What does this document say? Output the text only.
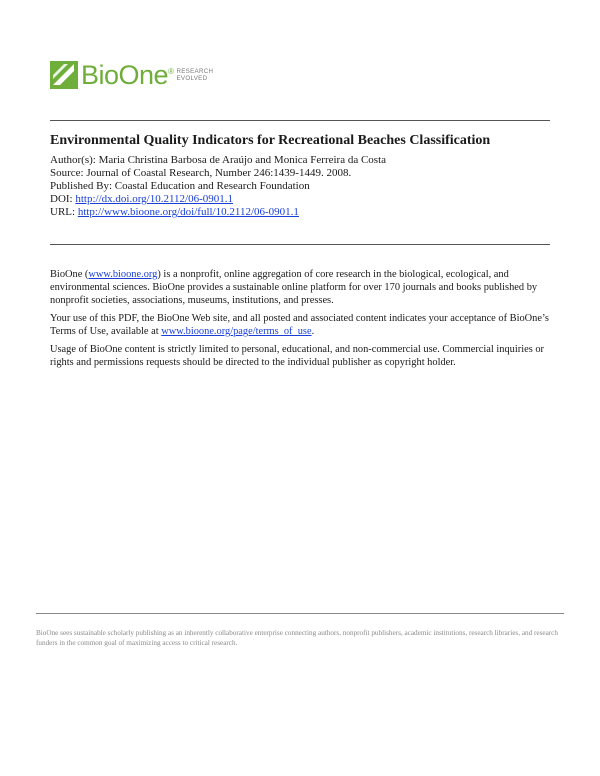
BioOne® RESEARCH
EVOLVED

Environmental Quality Indicators for Recreational Beaches Classification

Author(s): Maria Christina Barbosa de Araújo and Monica Ferreira da Costa

Source: Journal of Coastal Research, Number 246:1439-1449. 2008.

Published By: Coastal Education and Research Foundation

DOI: http://dx.doi.org/10.2112/06-0901.1

URL: http://www.bioone.org/doi/full/10.2112/06-0901.1

BioOne (www.bioone.org) is a nonprofit, online aggregation of core research in the biological, ecological, and environmental sciences. BioOne provides a sustainable online platform for over 170 journals and books published by nonprofit societies, associations, museums, institutions, and presses.

Your use of this PDF, the BioOne Web site, and all posted and associated content indicates your acceptance of BioOne’s Terms of Use, available at www.bioone.org/page/terms_of_use.

Usage of BioOne content is strictly limited to personal, educational, and non-commercial use. Commercial inquiries or rights and permissions requests should be directed to the individual publisher as copyright holder.

BioOne sees sustainable scholarly publishing as an inherently collaborative enterprise connecting authors, nonprofit publishers, academic institutions, research libraries, and research funders in the common goal of maximizing access to critical research.
